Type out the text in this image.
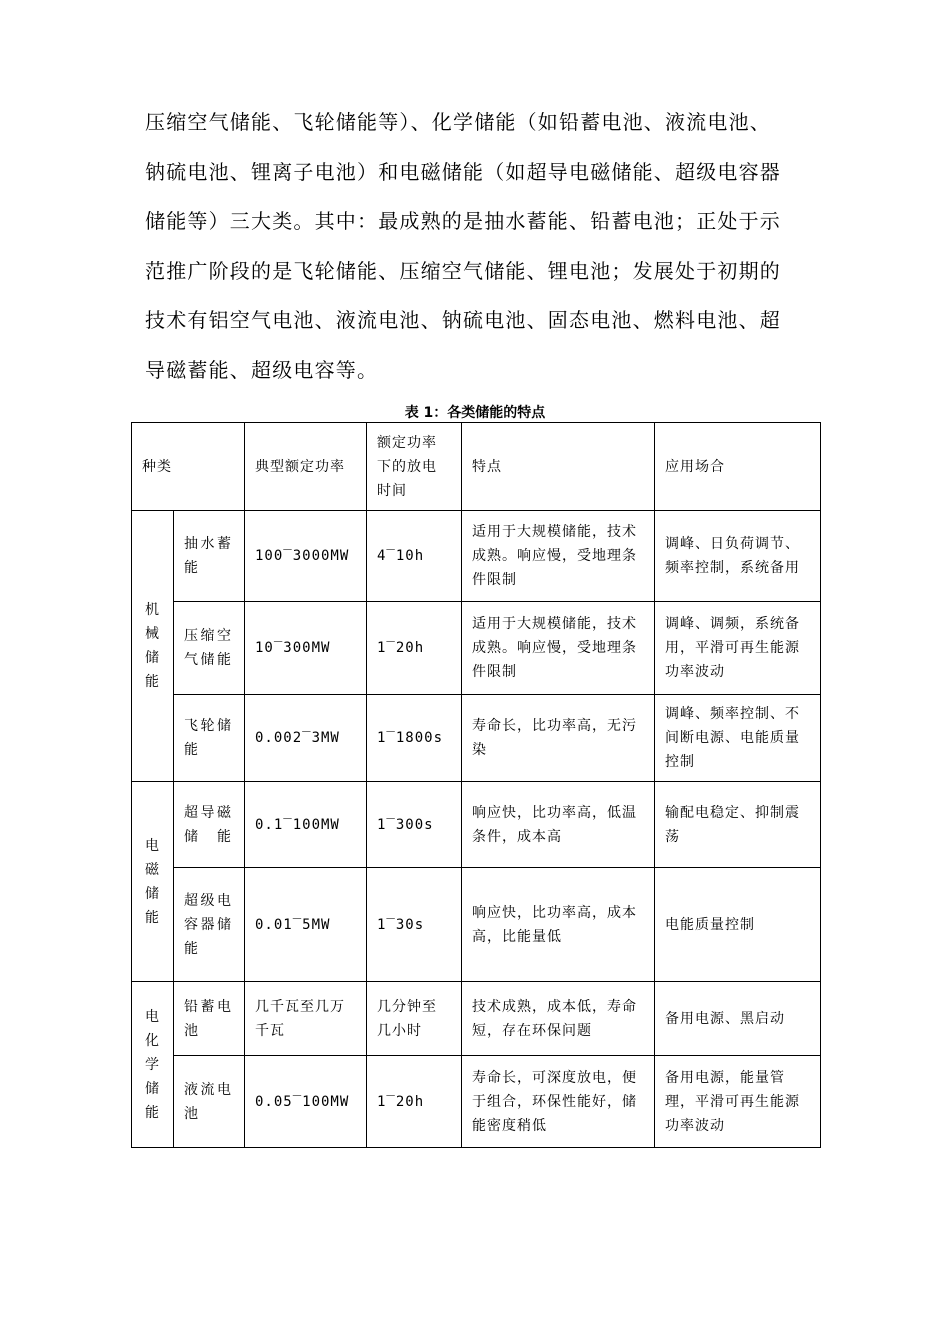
压缩空气储能、飞轮储能等）、化学储能（如铅蓄电池、液流电池、
钠硫电池、锂离子电池）和电磁储能（如超导电磁储能、超级电容器
储能等）三大类。其中：最成熟的是抽水蓄能、铅蓄电池；正处于示
范推广阶段的是飞轮储能、压缩空气储能、锂电池；发展处于初期的
技术有铝空气电池、液流电池、钠硫电池、固态电池、燃料电池、超
导磁蓄能、超级电容等。
表 1：各类储能的特点
种类		典型额定功率	额定功率下的放电时间	特点	应用场合
机械储能	抽水蓄能	100‾3000MW	4‾10h	适用于大规模储能，技术成熟。响应慢，受地理条件限制	调峰、日负荷调节、频率控制，系统备用

	压缩空气储能	10‾300MW	1‾20h	适用于大规模储能，技术成熟。响应慢，受地理条件限制	调峰、调频，系统备用，平滑可再生能源功率波动

	飞轮储能	0.002‾3MW	1‾1800s	寿命长，比功率高，无污染	调峰、频率控制、不间断电源、电能质量控制
电磁储能	超导磁储能	0.1‾100MW	1‾300s	响应快，比功率高，低温条件，成本高	输配电稳定、抑制震荡

	超级电容器储能	0.01‾5MW	1‾30s	响应快，比功率高，成本高，比能量低	电能质量控制
电化学储能	铅蓄电池	几千瓦至几万千瓦	几分钟至几小时	技术成熟，成本低，寿命短，存在环保问题	备用电源、黑启动

	液流电池	0.05‾100MW	1‾20h	寿命长，可深度放电，便于组合，环保性能好，储能密度稍低	备用电源，能量管理，平滑可再生能源功率波动
